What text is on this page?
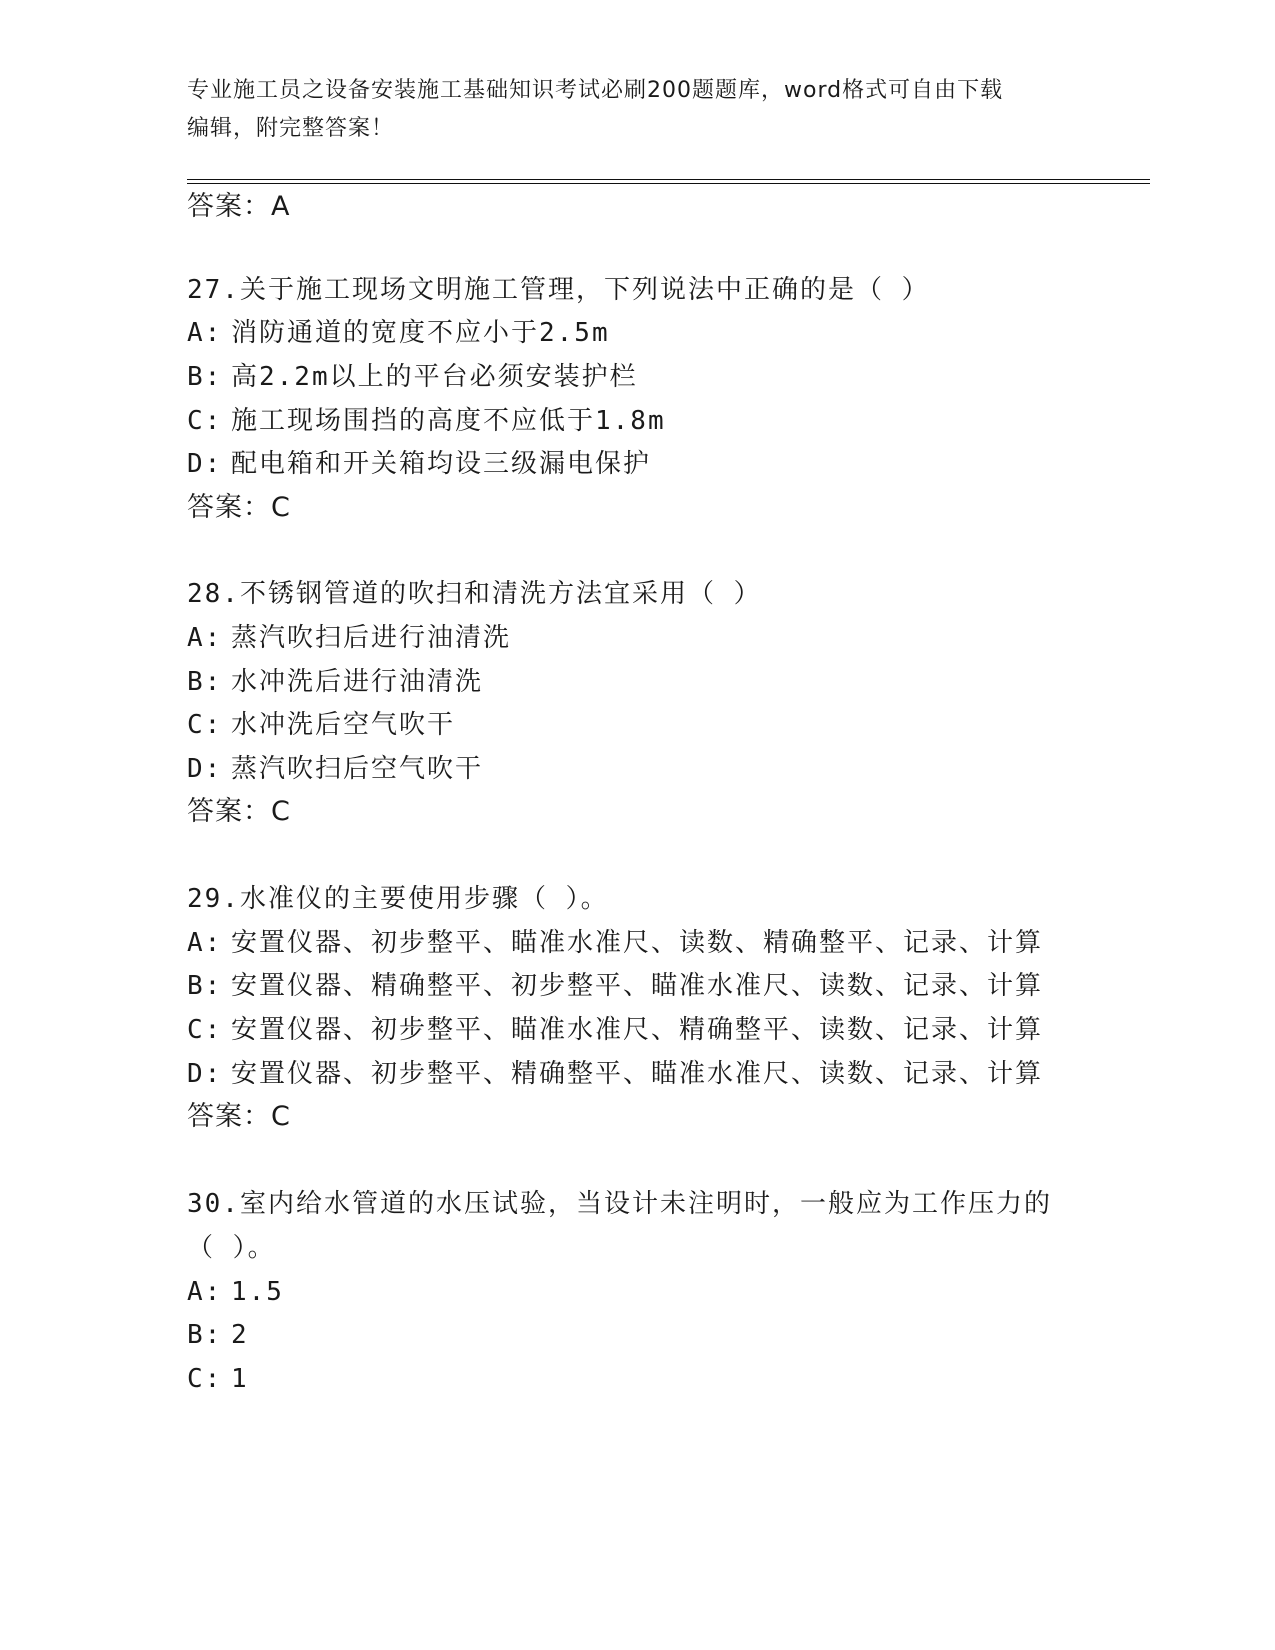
专业施工员之设备安装施工基础知识考试必刷200题题库，word格式可自由下载
编辑，附完整答案！
答案：A
27.关于施工现场文明施工管理，下列说法中正确的是（ ）
A: 消防通道的宽度不应小于2.5m
B: 高2.2m以上的平台必须安装护栏
C: 施工现场围挡的高度不应低于1.8m
D: 配电箱和开关箱均设三级漏电保护
答案：C
28.不锈钢管道的吹扫和清洗方法宜采用（ ）
A: 蒸汽吹扫后进行油清洗
B: 水冲洗后进行油清洗
C: 水冲洗后空气吹干
D: 蒸汽吹扫后空气吹干
答案：C
29.水准仪的主要使用步骤（ ）。
A: 安置仪器、初步整平、瞄准水准尺、读数、精确整平、记录、计算
B: 安置仪器、精确整平、初步整平、瞄准水准尺、读数、记录、计算
C: 安置仪器、初步整平、瞄准水准尺、精确整平、读数、记录、计算
D: 安置仪器、初步整平、精确整平、瞄准水准尺、读数、记录、计算
答案：C
30.室内给水管道的水压试验，当设计未注明时，一般应为工作压力的
（ ）。
A: 1.5
B: 2
C: 1
